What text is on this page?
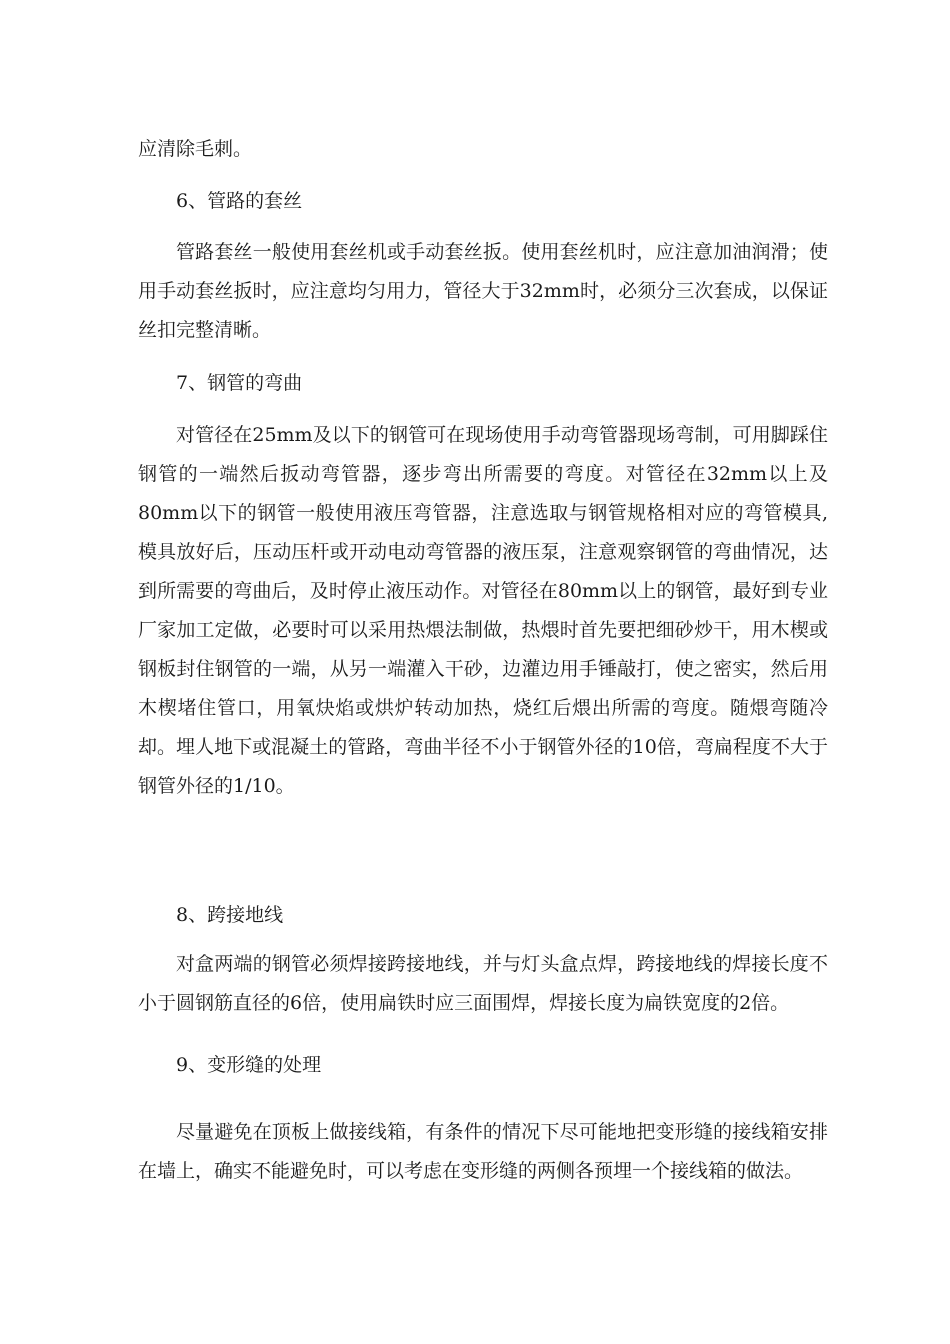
应清除毛刺。

6、管路的套丝

管路套丝一般使用套丝机或手动套丝扳。使用套丝机时，应注意加油润滑；使用手动套丝扳时，应注意均匀用力，管径大于32mm时，必须分三次套成，以保证丝扣完整清晰。

7、钢管的弯曲

对管径在25mm及以下的钢管可在现场使用手动弯管器现场弯制，可用脚踩住钢管的一端然后扳动弯管器，逐步弯出所需要的弯度。对管径在32mm以上及80mm以下的钢管一般使用液压弯管器，注意选取与钢管规格相对应的弯管模具,模具放好后，压动压杆或开动电动弯管器的液压泵，注意观察钢管的弯曲情况，达到所需要的弯曲后，及时停止液压动作。对管径在80mm以上的钢管，最好到专业厂家加工定做，必要时可以采用热煨法制做，热煨时首先要把细砂炒干，用木楔或钢板封住钢管的一端，从另一端灌入干砂，边灌边用手锤敲打，使之密实，然后用木楔堵住管口，用氧炔焰或烘炉转动加热，烧红后煨出所需的弯度。随煨弯随冷却。埋人地下或混凝土的管路，弯曲半径不小于钢管外径的10倍，弯扁程度不大于钢管外径的1/10。

8、跨接地线

对盒两端的钢管必须焊接跨接地线，并与灯头盒点焊，跨接地线的焊接长度不小于圆钢筋直径的6倍，使用扁铁时应三面围焊，焊接长度为扁铁宽度的2倍。

9、变形缝的处理

尽量避免在顶板上做接线箱，有条件的情况下尽可能地把变形缝的接线箱安排在墙上，确实不能避免时，可以考虑在变形缝的两侧各预埋一个接线箱的做法。
